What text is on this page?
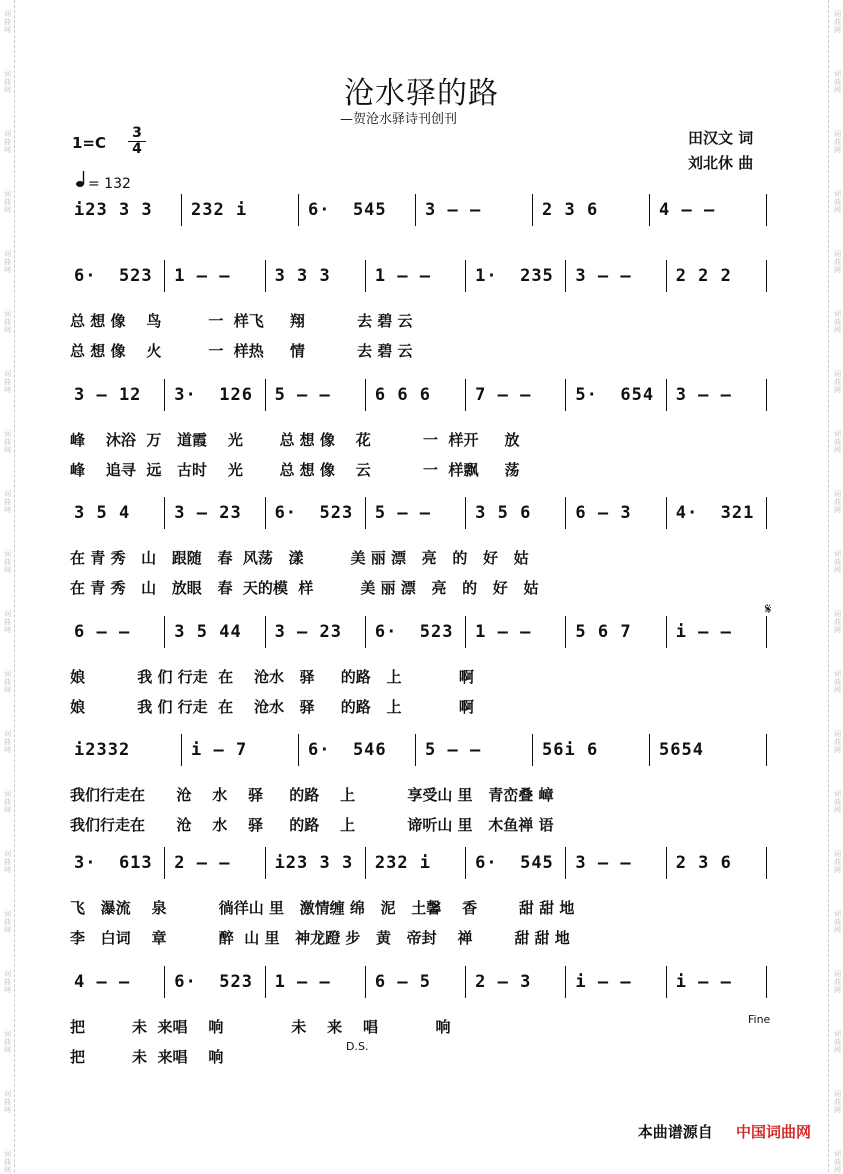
词
曲
网
词
曲
网
词
曲
网
词
曲
网
词
曲
网
词
曲
网
词
曲
网
词
曲
网
词
曲
网
词
曲
网
词
曲
网
词
曲
网
词
曲
网
词
曲
网
词
曲
网
词
曲
网
词
曲
网
词
曲
网
词
曲
网
词
曲
网
词
曲
网
词
曲
网
词
曲
网
词
曲
网
词
曲
网
词
曲
网
词
曲
网
词
曲
网
词
曲
网
词
曲
网
词
曲
网
词
曲
网
词
曲
网
词
曲
网
词
曲
网
词
曲
网
词
曲
网
词
曲
网
词
曲
网
词
曲
网
沧水驿的路
—贺沧水驿诗刊创刊
1=C
3
4
= 132
田汉文 词
刘北休 曲
i23 3 3 232 i	6·  545 3 – –	2 3 6	4 – –
6·  523 1 – –	3 3 3	1 – –	1·  235 3 – –	2 2 2
总 想 像    鸟         一  样飞     翔          去 碧 云
总 想 像    火         一  样热     情          去 碧 云
3 – 12 3·  126 5 – –	6 6 6	7 – –	5·  654 3 – –
峰    沐浴  万   道霞    光       总 想 像    花          一  样开     放
峰    追寻  远   古时    光       总 想 像    云          一  样飘     荡
3 5 4	3 – 23 6·  523 5 – –	3 5 6	6 – 3	4·  321
在 青 秀   山   跟随   春  风荡   漾         美 丽 漂   亮   的   好   姑
在 青 秀   山   放眼   春  天的模  样         美 丽 漂   亮   的   好   姑
6 – –	3 5 44 3 – 23 6·  523 1 – –	5 6 7	i – –
娘          我 们 行走  在    沧水   驿     的路   上           啊
娘          我 们 行走  在    沧水   驿     的路   上           啊
i2332	i – 7	6·  546 5 – –	56i 6	5654
我们行走在      沧    水    驿     的路    上          享受山 里   青峦叠 嶂
我们行走在      沧    水    驿     的路    上          谛听山 里   木鱼禅 语
3·  613 2 – –	i23 3 3 232 i	6·  545 3 – –	2 3 6
飞   瀑流    泉          徜徉山 里   激情缠 绵   泥   土馨    香        甜 甜 地
李   白词    章          醉  山 里   神龙蹬 步   黄   帝封    禅        甜 甜 地
4 – –	6·  523 1 – –	6 – 5	2 – 3	i – –	i – –
把         未  来唱    响             未    来    唱           响
把         未  来唱    响
Fine
D.S.
𝄋
本曲谱源自 中国词曲网
